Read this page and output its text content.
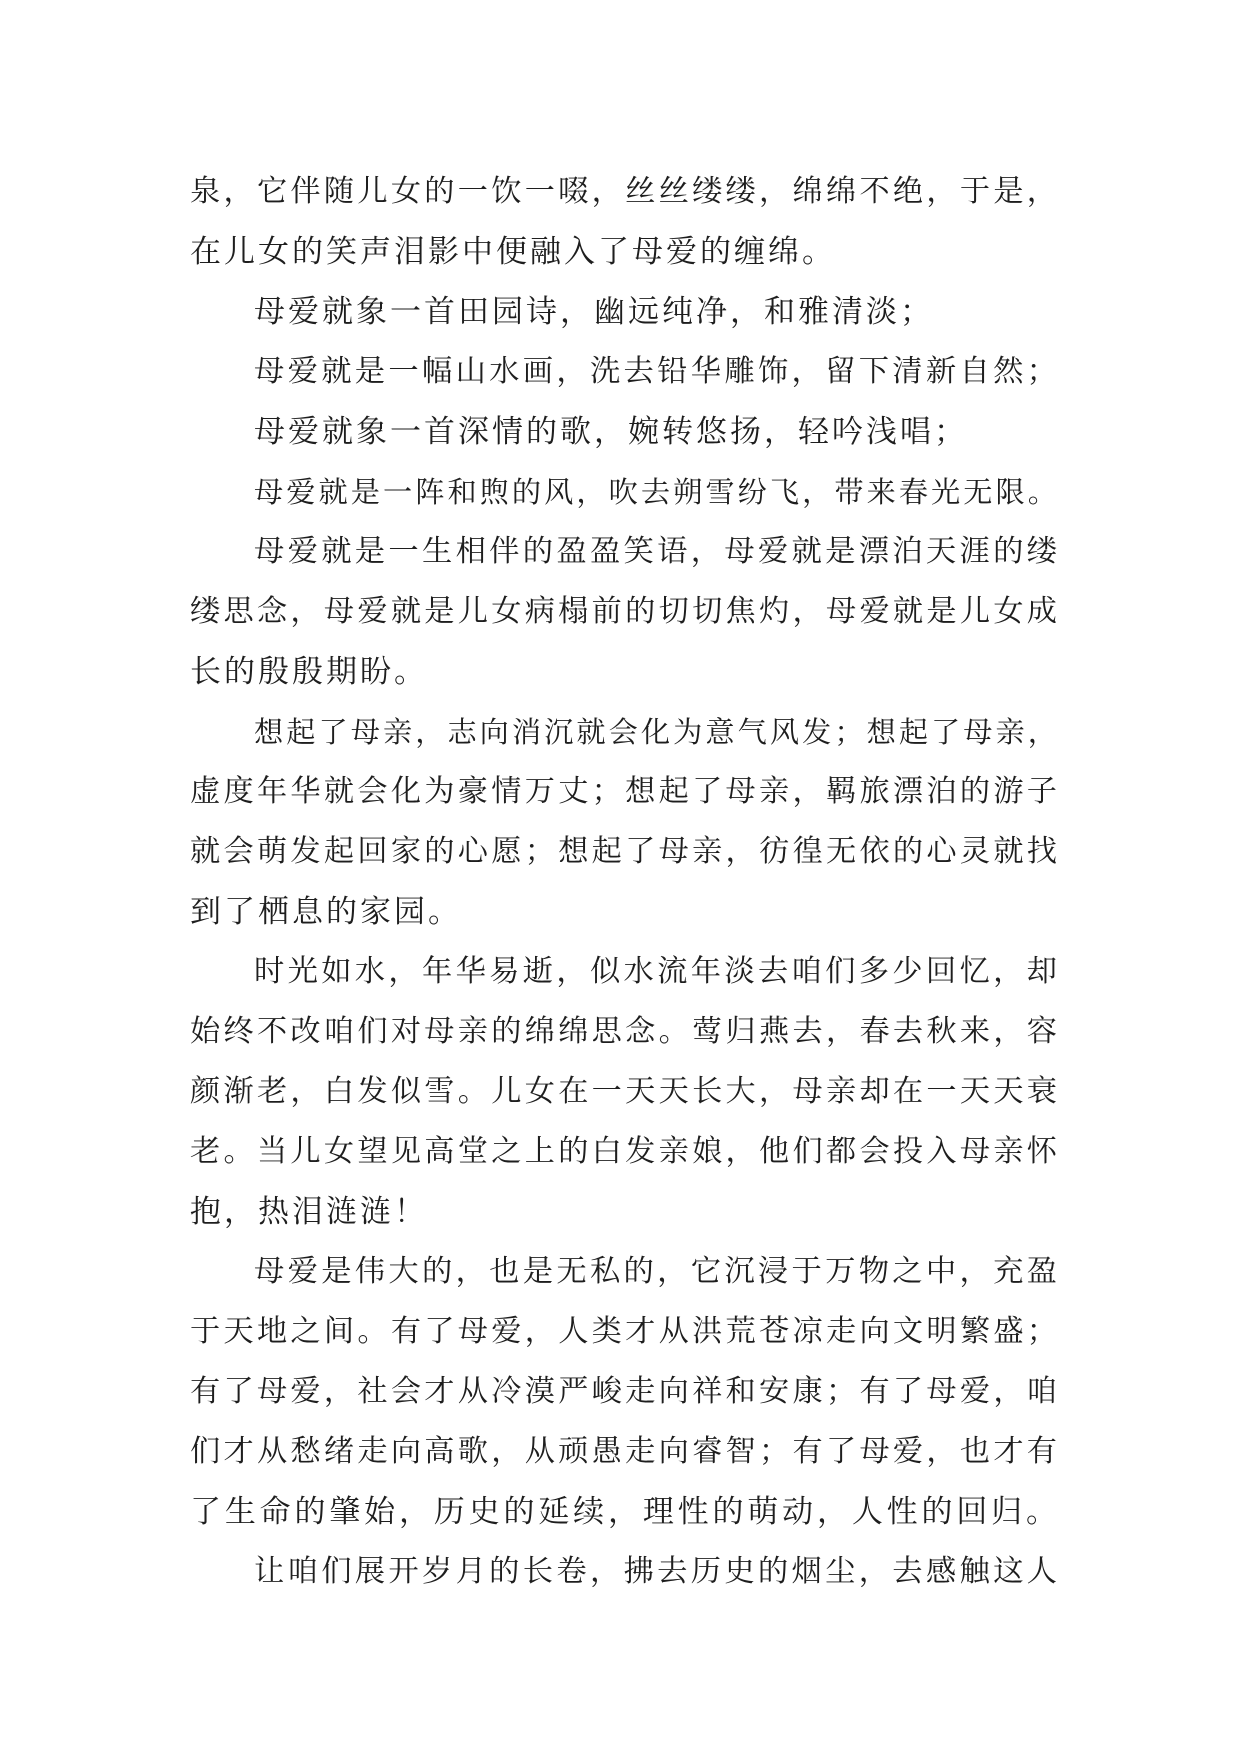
泉，它伴随儿女的一饮一啜，丝丝缕缕，绵绵不绝，于是，
在儿女的笑声泪影中便融入了母爱的缠绵。
母爱就象一首田园诗，幽远纯净，和雅清淡；
母爱就是一幅山水画，洗去铅华雕饰，留下清新自然；
母爱就象一首深情的歌，婉转悠扬，轻吟浅唱；
母爱就是一阵和煦的风，吹去朔雪纷飞，带来春光无限。
母爱就是一生相伴的盈盈笑语，母爱就是漂泊天涯的缕
缕思念，母爱就是儿女病榻前的切切焦灼，母爱就是儿女成
长的殷殷期盼。
想起了母亲，志向消沉就会化为意气风发；想起了母亲，
虚度年华就会化为豪情万丈；想起了母亲，羁旅漂泊的游子
就会萌发起回家的心愿；想起了母亲，彷徨无依的心灵就找
到了栖息的家园。
时光如水，年华易逝，似水流年淡去咱们多少回忆，却
始终不改咱们对母亲的绵绵思念。莺归燕去，春去秋来，容
颜渐老，白发似雪。儿女在一天天长大，母亲却在一天天衰
老。当儿女望见高堂之上的白发亲娘，他们都会投入母亲怀
抱，热泪涟涟！
母爱是伟大的，也是无私的，它沉浸于万物之中，充盈
于天地之间。有了母爱，人类才从洪荒苍凉走向文明繁盛；
有了母爱，社会才从冷漠严峻走向祥和安康；有了母爱，咱
们才从愁绪走向高歌，从顽愚走向睿智；有了母爱，也才有
了生命的肇始，历史的延续，理性的萌动，人性的回归。
让咱们展开岁月的长卷，拂去历史的烟尘，去感触这人
